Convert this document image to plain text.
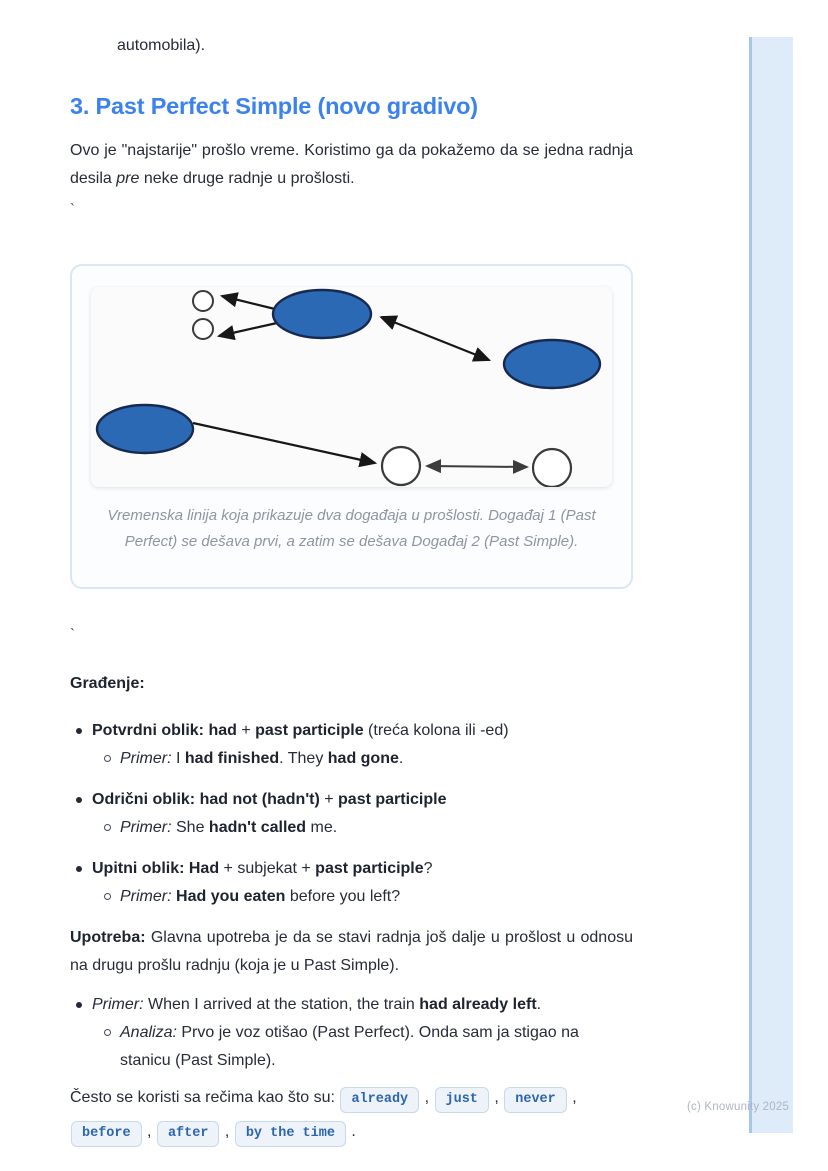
(c) Knowunity 2025

automobila).

3. Past Perfect Simple (novo gradivo)

Ovo je "najstarije" prošlo vreme. Koristimo ga da pokažemo da se jedna radnja desila pre neke druge radnje u prošlosti.

`

Vremenska linija koja prikazuje dva događaja u prošlosti. Događaj 1 (Past Perfect) se dešava prvi, a zatim se dešava Događaj 2 (Past Simple).

`

Građenje:

Potvrdni oblik: had + past participle (treća kolona ili -ed)
Primer: I had finished. They had gone.
Odrični oblik: had not (hadn't) + past participle
Primer: She hadn't called me.
Upitni oblik: Had + subjekat + past participle?
Primer: Had you eaten before you left?

Upotreba: Glavna upotreba je da se stavi radnja još dalje u prošlost u odnosu na drugu prošlu radnju (koja je u Past Simple).

Primer: When I arrived at the station, the train had already left.
Analiza: Prvo je voz otišao (Past Perfect). Onda sam ja stigao na stanicu (Past Simple).

Često se koristi sa rečima kao što su: already , just , never , before , after , by the time .
